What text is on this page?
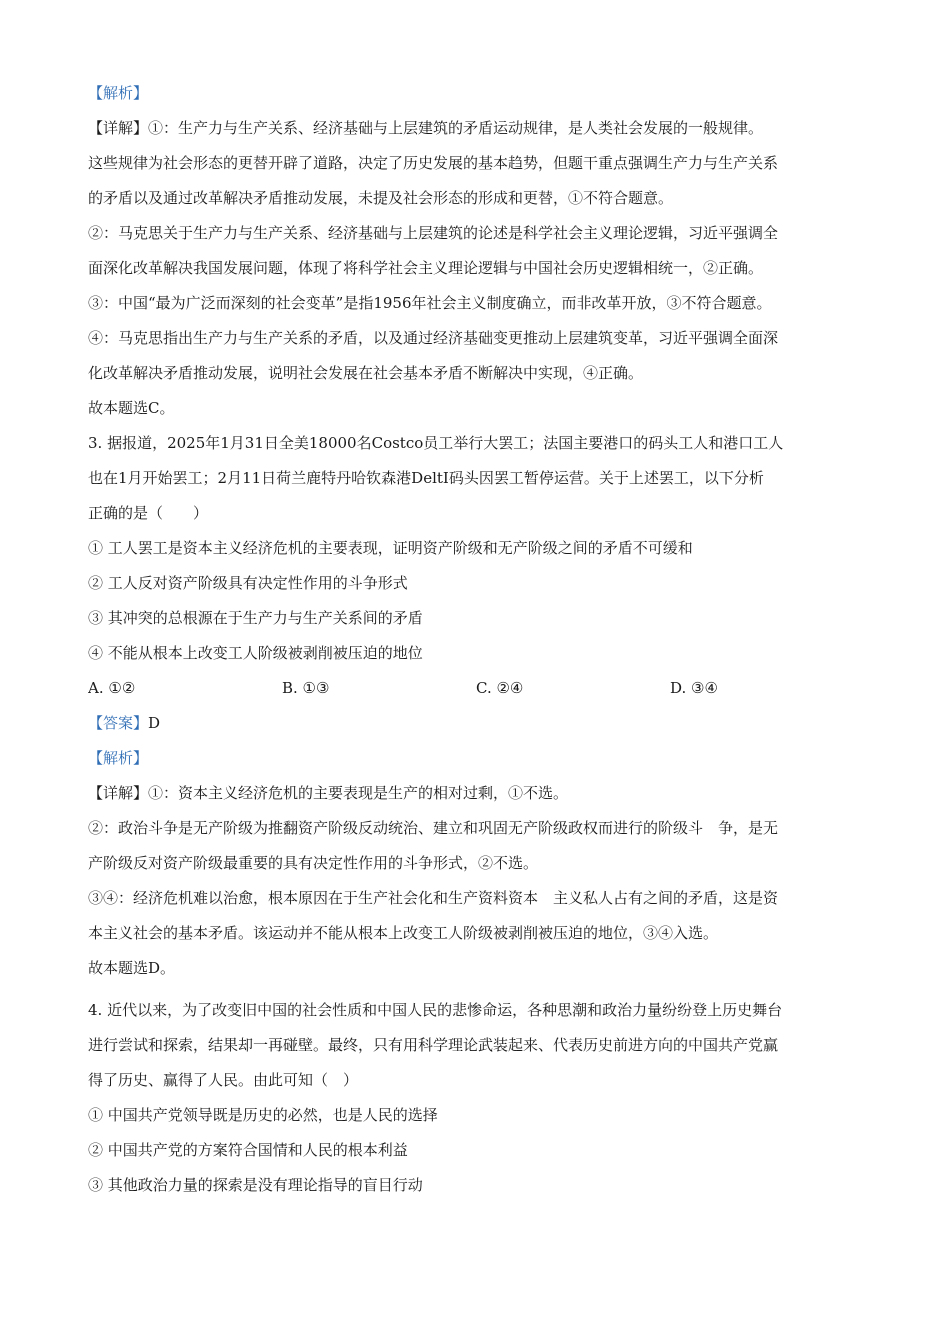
【解析】
【详解】①：生产力与生产关系、经济基础与上层建筑的矛盾运动规律，是人类社会发展的一般规律。
这些规律为社会形态的更替开辟了道路，决定了历史发展的基本趋势，但题干重点强调生产力与生产关系
的矛盾以及通过改革解决矛盾推动发展，未提及社会形态的形成和更替，①不符合题意。
②：马克思关于生产力与生产关系、经济基础与上层建筑的论述是科学社会主义理论逻辑，习近平强调全
面深化改革解决我国发展问题，体现了将科学社会主义理论逻辑与中国社会历史逻辑相统一，②正确。
③：中国“最为广泛而深刻的社会变革”是指1956年社会主义制度确立，而非改革开放，③不符合题意。
④：马克思指出生产力与生产关系的矛盾，以及通过经济基础变更推动上层建筑变革，习近平强调全面深
化改革解决矛盾推动发展，说明社会发展在社会基本矛盾不断解决中实现，④正确。
故本题选C。
3. 据报道，2025年1月31日全美18000名Costco员工举行大罢工；法国主要港口的码头工人和港口工人
也在1月开始罢工；2月11日荷兰鹿特丹哈钦森港DeltI码头因罢工暂停运营。关于上述罢工，以下分析
正确的是（　　）
① 工人罢工是资本主义经济危机的主要表现，证明资产阶级和无产阶级之间的矛盾不可缓和
② 工人反对资产阶级具有决定性作用的斗争形式
③ 其冲突的总根源在于生产力与生产关系间的矛盾
④ 不能从根本上改变工人阶级被剥削被压迫的地位
A. ①②	B. ①③	C. ②④	D. ③④
【答案】D
【解析】
【详解】①：资本主义经济危机的主要表现是生产的相对过剩，①不选。
②：政治斗争是无产阶级为推翻资产阶级反动统治、建立和巩固无产阶级政权而进行的阶级斗　争，是无
产阶级反对资产阶级最重要的具有决定性作用的斗争形式，②不选。
③④：经济危机难以治愈，根本原因在于生产社会化和生产资料资本　主义私人占有之间的矛盾，这是资
本主义社会的基本矛盾。该运动并不能从根本上改变工人阶级被剥削被压迫的地位，③④入选。
故本题选D。
4. 近代以来，为了改变旧中国的社会性质和中国人民的悲惨命运，各种思潮和政治力量纷纷登上历史舞台
进行尝试和探索，结果却一再碰壁。最终，只有用科学理论武装起来、代表历史前进方向的中国共产党赢
得了历史、赢得了人民。由此可知（　）
① 中国共产党领导既是历史的必然，也是人民的选择
② 中国共产党的方案符合国情和人民的根本利益
③ 其他政治力量的探索是没有理论指导的盲目行动
